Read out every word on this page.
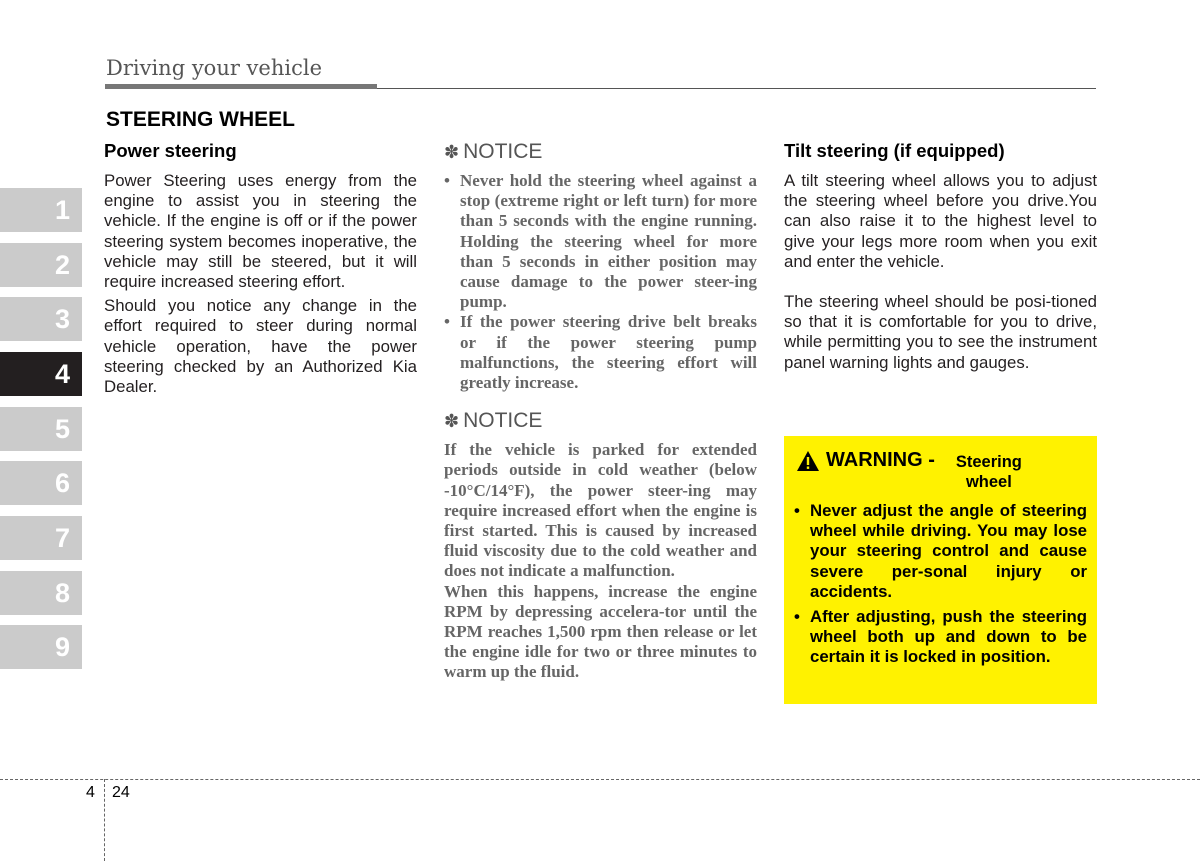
Driving your vehicle
STEERING WHEEL
Power steering

Power Steering uses energy from the engine to assist you in steering the vehicle. If the engine is off or if the power steering system becomes inoperative, the vehicle may still be steered, but it will require increased steering effort.

Should you notice any change in the effort required to steer during normal vehicle operation, have the power steering checked by an Authorized Kia Dealer.

✽ NOTICE
• Never hold the steering wheel against a stop (extreme right or left turn) for more than 5 seconds with the engine running. Holding the steering wheel for more than 5 seconds in either position may cause damage to the power steer-ing pump.
• If the power steering drive belt breaks or if the power steering pump malfunctions, the steering effort will greatly increase.
✽ NOTICE

If the vehicle is parked for extended periods outside in cold weather (below -10°C/14°F), the power steer-ing may require increased effort when the engine is first started. This is caused by increased fluid viscosity due to the cold weather and does not indicate a malfunction.

When this happens, increase the engine RPM by depressing accelera-tor until the RPM reaches 1,500 rpm then release or let the engine idle for two or three minutes to warm up the fluid.

Tilt steering (if equipped)

A tilt steering wheel allows you to adjust the steering wheel before you drive.You can also raise it to the highest level to give your legs more room when you exit and enter the vehicle.

The steering wheel should be posi-tioned so that it is comfortable for you to drive, while permitting you to see the instrument panel warning lights and gauges.

WARNING -	Steering wheel
• Never adjust the angle of steering wheel while driving. You may lose your steering control and cause severe per-sonal injury or accidents.
• After adjusting, push the steering wheel both up and down to be certain it is locked in position.
1
2
3
4
5
6
7
8
9
4 24
